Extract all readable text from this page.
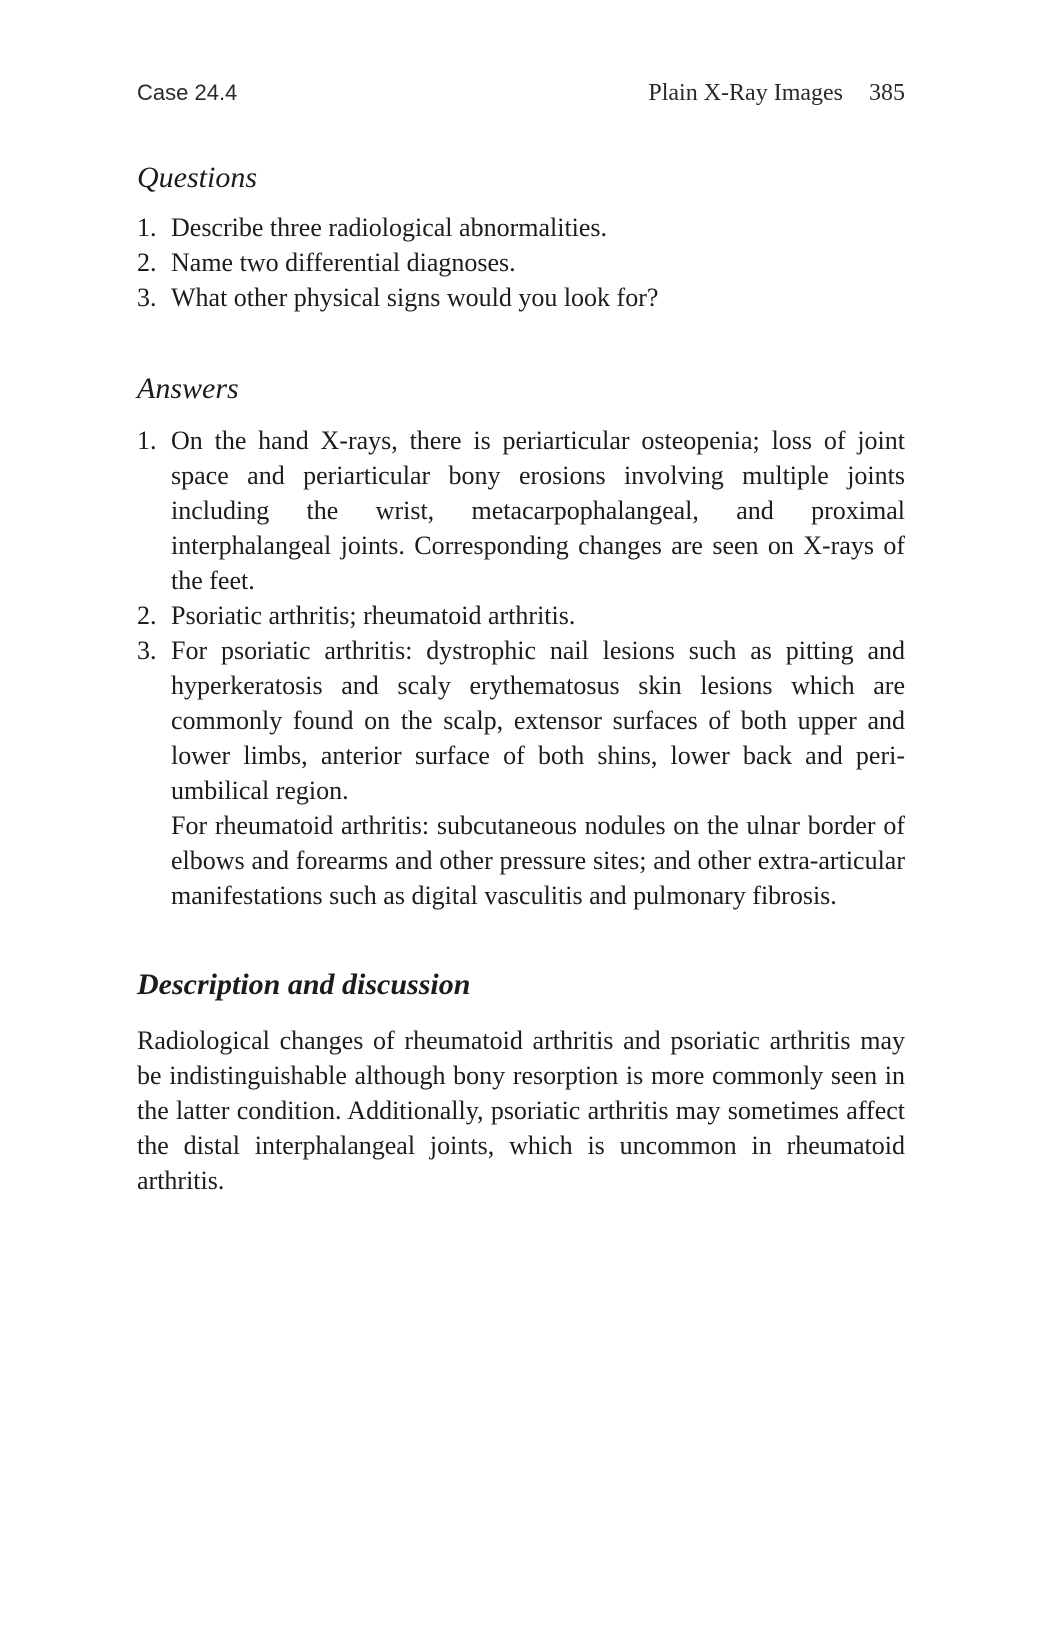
Case 24.4	Plain X-Ray Images 385
Questions
1. Describe three radiological abnormalities.
2. Name two differential diagnoses.
3. What other physical signs would you look for?
Answers
1. On the hand X-rays, there is periarticular osteopenia; loss of joint space and periarticular bony erosions involving multiple joints including the wrist, metacarpophalangeal, and proximal interphalangeal joints. Corresponding changes are seen on X-rays of the feet.
2. Psoriatic arthritis; rheumatoid arthritis.
3. For psoriatic arthritis: dystrophic nail lesions such as pitting and hyperkeratosis and scaly erythematosus skin lesions which are commonly found on the scalp, extensor surfaces of both upper and lower limbs, anterior surface of both shins, lower back and peri-umbilical region.

For rheumatoid arthritis: subcutaneous nodules on the ulnar border of elbows and forearms and other pressure sites; and other extra-articular manifestations such as digital vasculitis and pulmonary fibrosis.

Description and discussion

Radiological changes of rheumatoid arthritis and psoriatic arthritis may be indistinguishable although bony resorption is more commonly seen in the latter condition. Additionally, psoriatic arthritis may sometimes affect the distal interphalangeal joints, which is uncommon in rheumatoid arthritis.
